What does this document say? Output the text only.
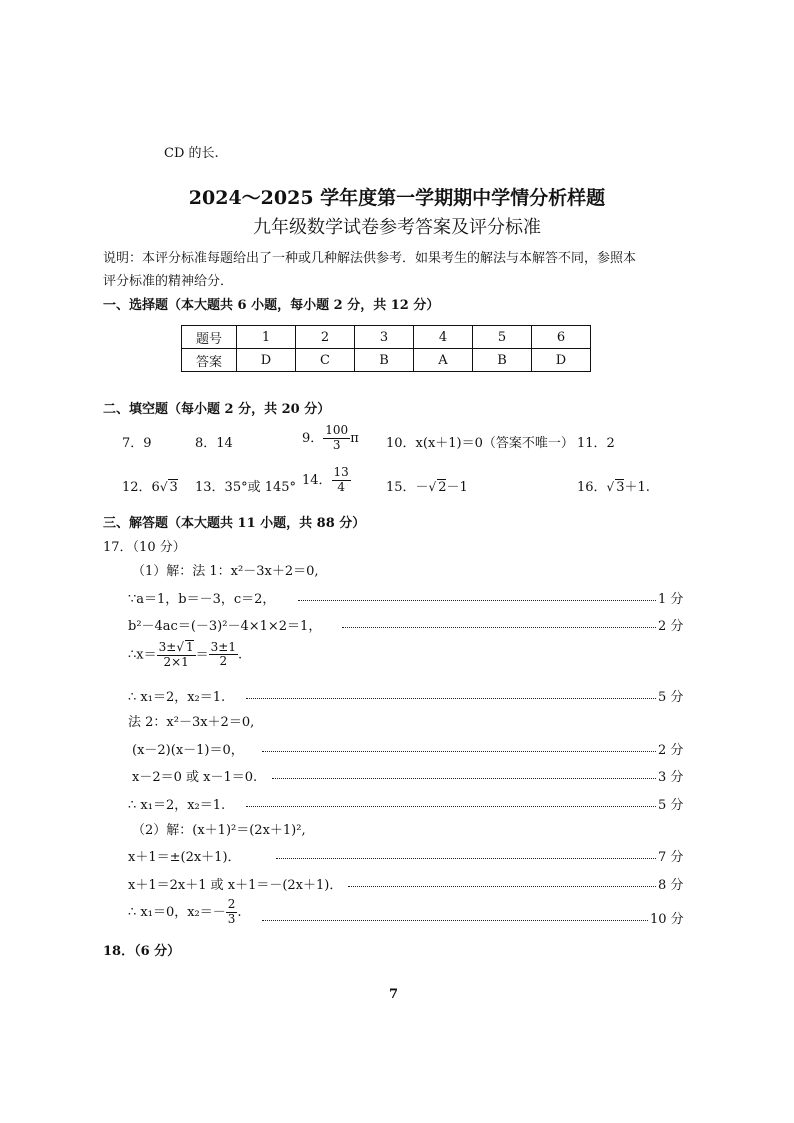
CD 的长.
2024～2025 学年度第一学期期中学情分析样题
九年级数学试卷参考答案及评分标准
说明：本评分标准每题给出了一种或几种解法供参考．如果考生的解法与本解答不同，参照本
评分标准的精神给分．
一、选择题（本大题共 6 小题，每小题 2 分，共 12 分）
题号	1	2	3	4	5	6
答案	D	C	B	A	B	D
二、填空题（每小题 2 分，共 20 分）
7．9	8．14	9． $\frac{100}{3}$ π 10．x(x＋1)＝0（答案不唯一） 11．2
12．6√ 3 13．35°或 145° 14． $\frac{13}{4}$	15．－√ 2－1	16．√ 3＋1.
三、解答题（本大题共 11 小题，共 88 分）
17．（10 分）
（1）解：法 1：x²－3x＋2＝0,
∵a＝1，b＝－3，c＝2，	1 分
b²－4ac＝(－3)²－4×1×2＝1，	2 分
∴x＝ $\frac{3\pm√ 1}{2\times 1} = \frac{3\pm 1}{2}$ .
∴ x₁＝2，x₂＝1.	5 分
法 2：x²－3x＋2＝0,
(x－2)(x－1)＝0，	2 分
x－2＝0 或 x－1＝0.	3 分
∴ x₁＝2，x₂＝1.	5 分
（2）解：(x＋1)²＝(2x＋1)²,
x＋1＝±(2x＋1)．	7 分
x＋1＝2x＋1 或 x＋1＝－(2x＋1)．	8 分
∴ x₁＝0，$x_2=- \frac{2}{3}$ .	10 分
18．（6 分）
7
